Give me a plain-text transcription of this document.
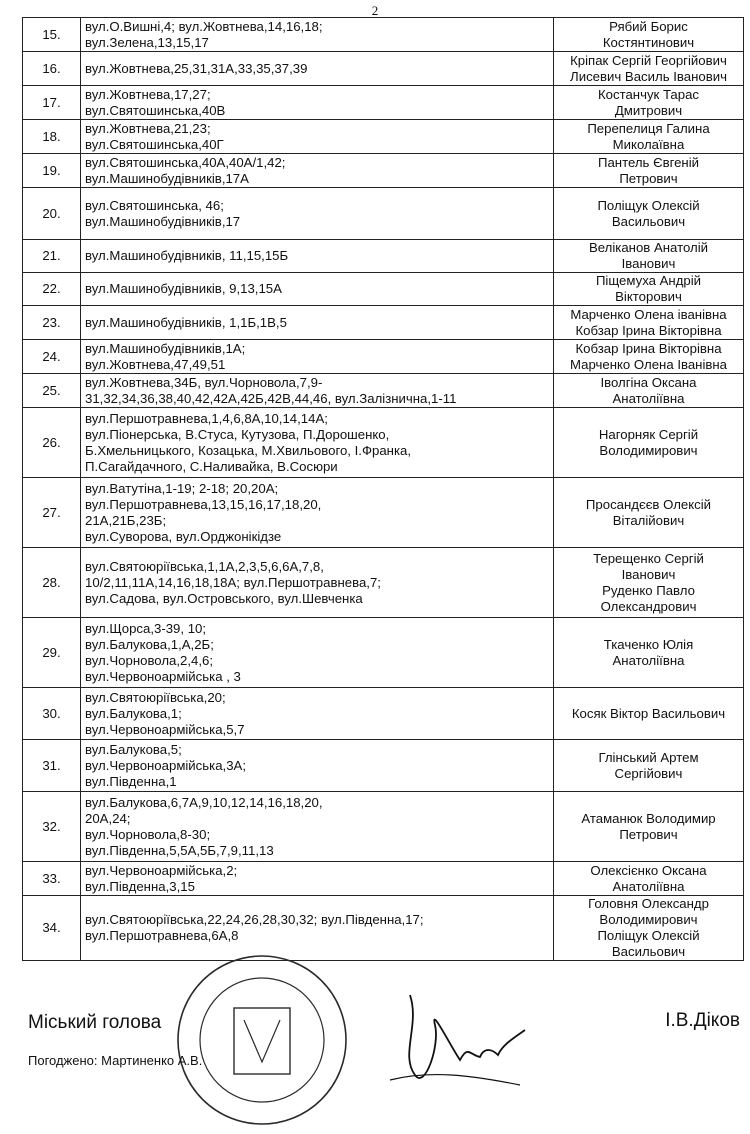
2
15.	вул.О.Вишні,4; вул.Жовтнева,14,16,18;
вул.Зелена,13,15,17	Рябий Борис
Костянтинович

16.	вул.Жовтнева,25,31,31А,33,35,37,39	Кріпак Сергій Георгійович
Лисевич Василь Іванович

17.	вул.Жовтнева,17,27;
вул.Святошинська,40В	Костанчук Тарас
Дмитрович

18.	вул.Жовтнева,21,23;
вул.Святошинська,40Г	Перепелиця Галина
Миколаївна

19.	вул.Святошинська,40А,40А/1,42;
вул.Машинобудівників,17А	Пантель Євгеній
Петрович

20.	вул.Святошинська, 46;
вул.Машинобудівників,17	Поліщук Олексій
Васильович

21.	вул.Машинобудівників, 11,15,15Б	Веліканов Анатолій
Іванович

22.	вул.Машинобудівників, 9,13,15А	Піщемуха Андрій
Вікторович

23.	вул.Машинобудівників, 1,1Б,1В,5	Марченко Олена іванівна
Кобзар Ірина Вікторівна

24.	вул.Машинобудівників,1А;
вул.Жовтнева,47,49,51	Кобзар Ірина Вікторівна
Марченко Олена Іванівна

25.	вул.Жовтнева,34Б, вул.Чорновола,7,9-
31,32,34,36,38,40,42,42А,42Б,42В,44,46, вул.Залізнична,1-11	Іволгіна Оксана
Анатоліївна

26.	вул.Першотравнева,1,4,6,8А,10,14,14А;
вул.Піонерська, В.Стуса, Кутузова, П.Дорошенко,
Б.Хмельницького, Козацька, М.Хвильового, І.Франка,
П.Сагайдачного, С.Наливайка, В.Сосюри	Нагорняк Сергій
Володимирович

27.	вул.Ватутіна,1-19; 2-18; 20,20А;
вул.Першотравнева,13,15,16,17,18,20,
21А,21Б,23Б;
вул.Суворова, вул.Орджонікідзе	Просандєєв Олексій
Віталійович

28.	вул.Святоюріївська,1,1А,2,3,5,6,6А,7,8,
10/2,11,11А,14,16,18,18А; вул.Першотравнева,7;
вул.Садова, вул.Островського, вул.Шевченка	Терещенко Сергій
Іванович
Руденко Павло
Олександрович

29.	вул.Щорса,3-39, 10;
вул.Балукова,1,А,2Б;
вул.Чорновола,2,4,6;
вул.Червоноармійська , 3	Ткаченко Юлія
Анатоліївна

30.	вул.Святоюріївська,20;
вул.Балукова,1;
вул.Червоноармійська,5,7	Косяк Віктор Васильович

31.	вул.Балукова,5;
вул.Червоноармійська,3А;
вул.Південна,1	Глінський Артем
Сергійович

32.	вул.Балукова,6,7А,9,10,12,14,16,18,20,
20А,24;
вул.Чорновола,8-30;
вул.Південна,5,5А,5Б,7,9,11,13	Атаманюк Володимир
Петрович

33.	вул.Червоноармійська,2;
вул.Південна,3,15	Олексієнко Оксана
Анатоліївна

34.	вул.Святоюріївська,22,24,26,28,30,32; вул.Південна,17;
вул.Першотравнева,6А,8	Головня Олександр
Володимирович
Поліщук Олексій
Васильович
Міський голова	І.В.Діков
Погоджено: Мартиненко А.В.
